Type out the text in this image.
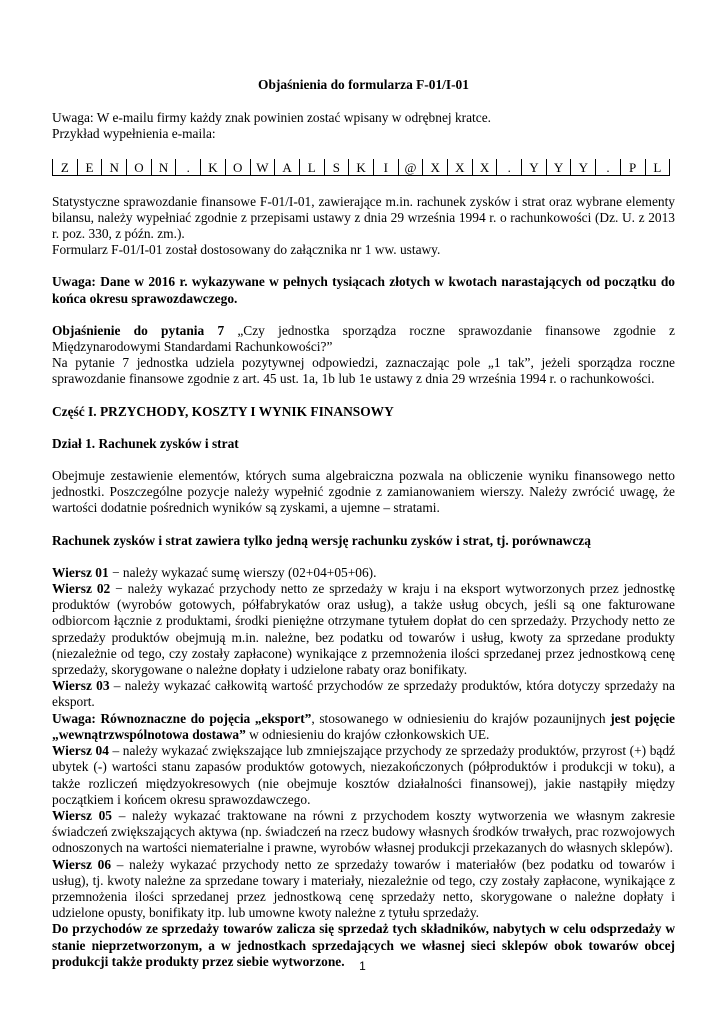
Objaśnienia do formularza F-01/I-01

Uwaga: W e-mailu firmy każdy znak powinien zostać wpisany w odrębnej kratce.

Przykład wypełnienia e-maila:

Z	E	N	O	N	.	K	O	W	A	L	S	K	I	@	X	X	X	.	Y	Y	Y	.	P	L

Statystyczne sprawozdanie finansowe F-01/I-01, zawierające m.in. rachunek zysków i strat oraz wybrane elementy bilansu, należy wypełniać zgodnie z przepisami ustawy z dnia 29 września 1994 r. o rachunkowości (Dz. U. z 2013 r. poz. 330, z późn. zm.).

Formularz F-01/I-01 został dostosowany do załącznika nr 1 ww. ustawy.

Uwaga: Dane w 2016 r. wykazywane w pełnych tysiącach złotych w kwotach narastających od początku do końca okresu sprawozdawczego.

Objaśnienie do pytania 7 „Czy jednostka sporządza roczne sprawozdanie finansowe zgodnie z Międzynarodowymi Standardami Rachunkowości?”

Na pytanie 7 jednostka udziela pozytywnej odpowiedzi, zaznaczając pole „1 tak”, jeżeli sporządza roczne sprawozdanie finansowe zgodnie z art. 45 ust. 1a, 1b lub 1e ustawy z dnia 29 września 1994 r. o rachunkowości.

Część I. PRZYCHODY, KOSZTY I WYNIK FINANSOWY

Dział 1. Rachunek zysków i strat

Obejmuje zestawienie elementów, których suma algebraiczna pozwala na obliczenie wyniku finansowego netto jednostki. Poszczególne pozycje należy wypełnić zgodnie z zamianowaniem wierszy. Należy zwrócić uwagę, że wartości dodatnie pośrednich wyników są zyskami, a ujemne – stratami.

Rachunek zysków i strat zawiera tylko jedną wersję rachunku zysków i strat, tj. porównawczą

Wiersz 01 − należy wykazać sumę wierszy (02+04+05+06).

Wiersz 02 − należy wykazać przychody netto ze sprzedaży w kraju i na eksport wytworzonych przez jednostkę produktów (wyrobów gotowych, półfabrykatów oraz usług), a także usług obcych, jeśli są one fakturowane odbiorcom łącznie z produktami, środki pieniężne otrzymane tytułem dopłat do cen sprzedaży. Przychody netto ze sprzedaży produktów obejmują m.in. należne, bez podatku od towarów i usług, kwoty za sprzedane produkty (niezależnie od tego, czy zostały zapłacone) wynikające z przemnożenia ilości sprzedanej przez jednostkową cenę sprzedaży, skorygowane o należne dopłaty i udzielone rabaty oraz bonifikaty.

Wiersz 03 – należy wykazać całkowitą wartość przychodów ze sprzedaży produktów, która dotyczy sprzedaży na eksport.

Uwaga: Równoznaczne do pojęcia „eksport”, stosowanego w odniesieniu do krajów pozaunijnych jest pojęcie „wewnątrzwspólnotowa dostawa” w odniesieniu do krajów członkowskich UE.

Wiersz 04 – należy wykazać zwiększające lub zmniejszające przychody ze sprzedaży produktów, przyrost (+) bądź ubytek (-) wartości stanu zapasów produktów gotowych, niezakończonych (półproduktów i produkcji w toku), a także rozliczeń międzyokresowych (nie obejmuje kosztów działalności finansowej), jakie nastąpiły między początkiem i końcem okresu sprawozdawczego.

Wiersz 05 – należy wykazać traktowane na równi z przychodem koszty wytworzenia we własnym zakresie świadczeń zwiększających aktywa (np. świadczeń na rzecz budowy własnych środków trwałych, prac rozwojowych odnoszonych na wartości niematerialne i prawne, wyrobów własnej produkcji przekazanych do własnych sklepów).

Wiersz 06 – należy wykazać przychody netto ze sprzedaży towarów i materiałów (bez podatku od towarów i usług), tj. kwoty należne za sprzedane towary i materiały, niezależnie od tego, czy zostały zapłacone, wynikające z przemnożenia ilości sprzedanej przez jednostkową cenę sprzedaży netto, skorygowane o należne dopłaty i udzielone opusty, bonifikaty itp. lub umowne kwoty należne z tytułu sprzedaży.

Do przychodów ze sprzedaży towarów zalicza się sprzedaż tych składników, nabytych w celu odsprzedaży w stanie nieprzetworzonym, a w jednostkach sprzedających we własnej sieci sklepów obok towarów obcej produkcji także produkty przez siebie wytworzone.	1
